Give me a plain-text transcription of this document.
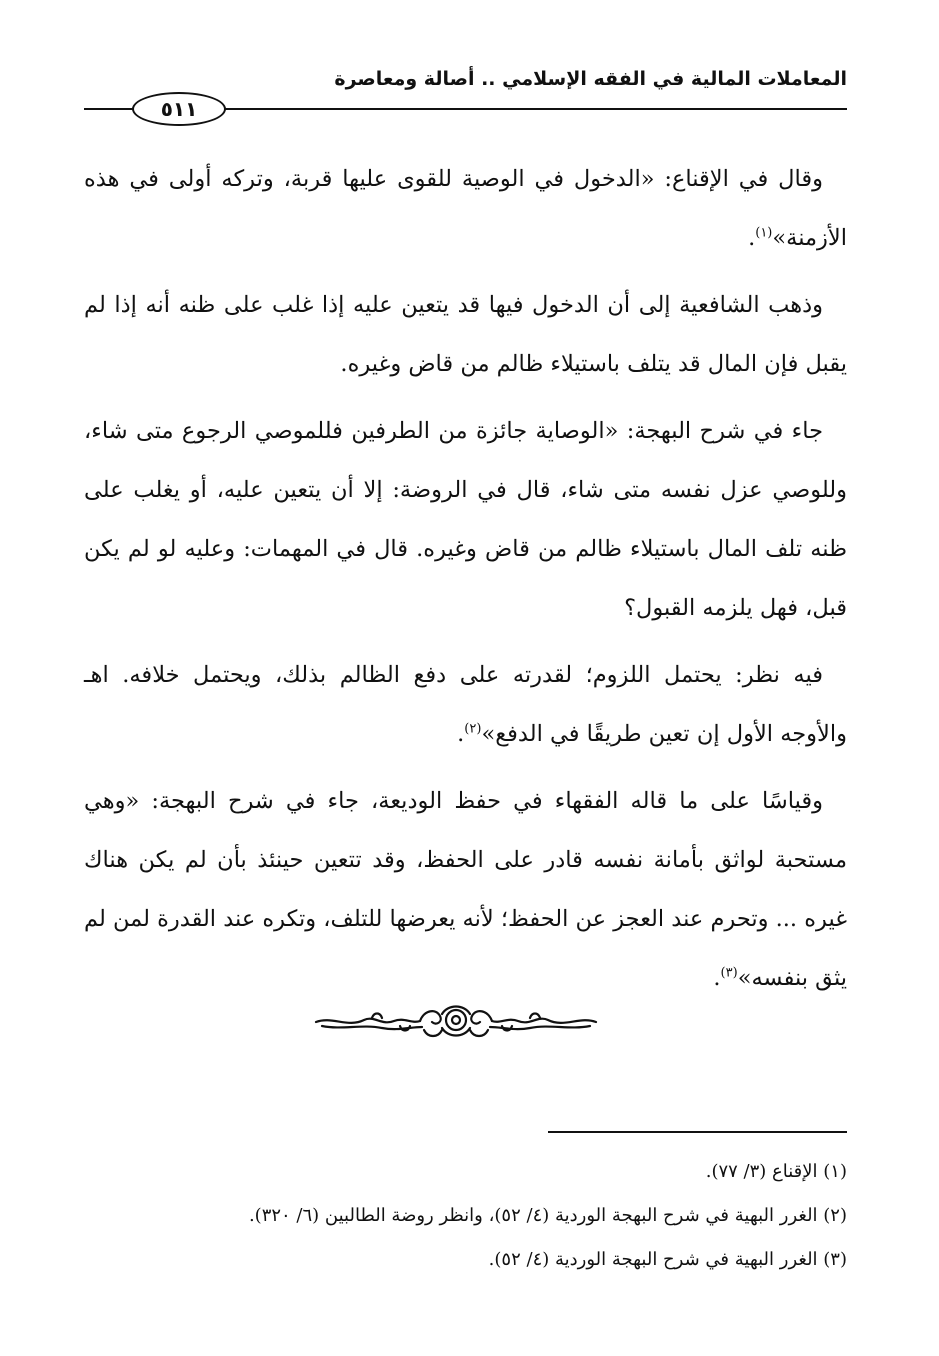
المعاملات المالية في الفقه الإسلامي .. أصالة ومعاصرة
٥١١

وقال في الإقناع: «الدخول في الوصية للقوى عليها قربة، وتركه أولى في هذه الأزمنة»$^{(١)}$.

وذهب الشافعية إلى أن الدخول فيها قد يتعين عليه إذا غلب على ظنه أنه إذا لم يقبل فإن المال قد يتلف باستيلاء ظالم من قاض وغيره.

جاء في شرح البهجة: «الوصاية جائزة من الطرفين فللموصي الرجوع متى شاء، وللوصي عزل نفسه متى شاء، قال في الروضة: إلا أن يتعين عليه، أو يغلب على ظنه تلف المال باستيلاء ظالم من قاض وغيره. قال في المهمات: وعليه لو لم يكن قبل، فهل يلزمه القبول؟

فيه نظر: يحتمل اللزوم؛ لقدرته على دفع الظالم بذلك، ويحتمل خلافه. اهـ والأوجه الأول إن تعين طريقًا في الدفع»$^{(٢)}$.

وقياسًا على ما قاله الفقهاء في حفظ الوديعة، جاء في شرح البهجة: «وهي مستحبة لواثق بأمانة نفسه قادر على الحفظ، وقد تتعين حينئذ بأن لم يكن هناك غيره ... وتحرم عند العجز عن الحفظ؛ لأنه يعرضها للتلف، وتكره عند القدرة لمن لم يثق بنفسه»$^{(٣)}$.

(١) الإقناع (٣/ ٧٧).
(٢) الغرر البهية في شرح البهجة الوردية (٤/ ٥٢)، وانظر روضة الطالبين (٦/ ٣٢٠).
(٣) الغرر البهية في شرح البهجة الوردية (٤/ ٥٢).
